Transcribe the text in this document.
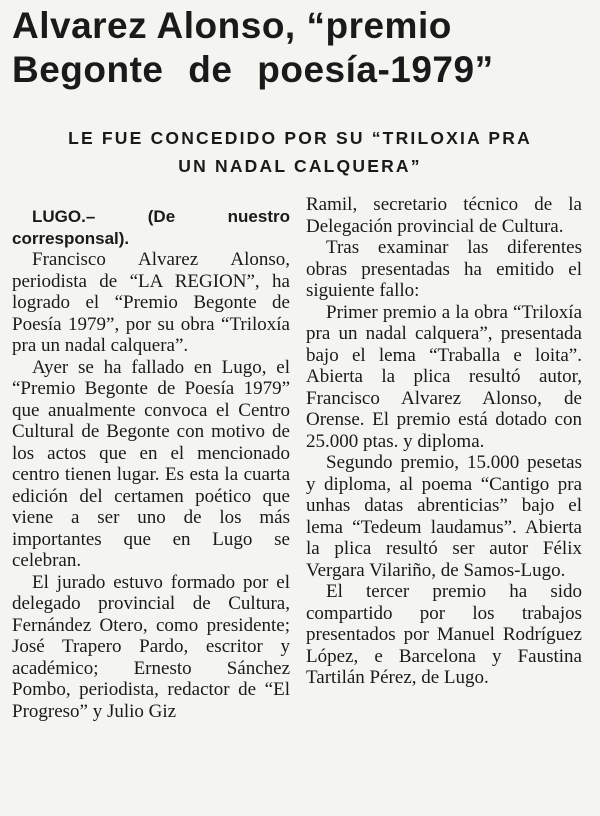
Alvarez Alonso, “premio
Begonte de poesía-1979”
LE FUE CONCEDIDO POR SU “TRILOXIA PRA
UN NADAL CALQUERA”

LUGO.– (De nuestro corresponsal).

Francisco Alvarez Alonso, periodista de “LA REGION”, ha logrado el “Premio Begonte de Poesía 1979”, por su obra “Triloxía pra un nadal calquera”.

Ayer se ha fallado en Lugo, el “Premio Begonte de Poesía 1979” que anualmente convoca el Centro Cultural de Begonte con motivo de los actos que en el mencionado centro tienen lugar. Es esta la cuarta edición del certamen poético que viene a ser uno de los más importantes que en Lugo se celebran.

El jurado estuvo formado por el delegado provincial de Cultura, Fernández Otero, como presidente; José Trapero Pardo, escritor y académico; Ernesto Sánchez Pombo, periodista, redactor de “El Progreso” y Julio Giz

Ramil, secretario técnico de la Delegación provincial de Cultura.

Tras examinar las diferentes obras presentadas ha emitido el siguiente fallo:

Primer premio a la obra “Triloxía pra un nadal calquera”, presentada bajo el lema “Traballa e loita”. Abierta la plica resultó autor, Francisco Alvarez Alonso, de Orense. El premio está dotado con 25.000 ptas. y diploma.

Segundo premio, 15.000 pesetas y diploma, al poema “Cantigo pra unhas datas abrenticias” bajo el lema “Tedeum laudamus”. Abierta la plica resultó ser autor Félix Vergara Vilariño, de Samos-Lugo.

El tercer premio ha sido compartido por los trabajos presentados por Manuel Rodríguez López, e Barcelona y Faustina Tartilán Pérez, de Lugo.
